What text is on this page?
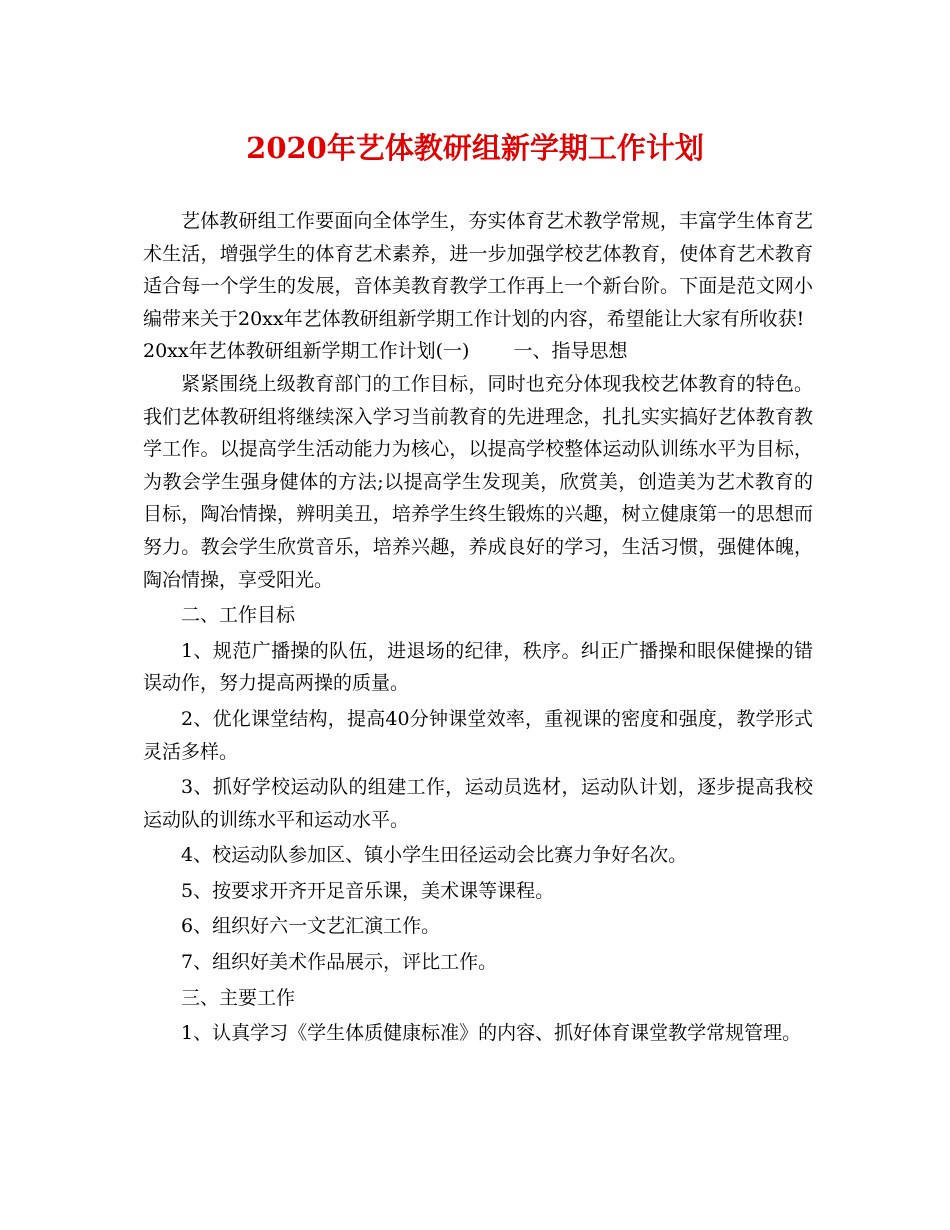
2020年艺体教研组新学期工作计划

艺体教研组工作要面向全体学生，夯实体育艺术教学常规，丰富学生体育艺术生活，增强学生的体育艺术素养，进一步加强学校艺体教育，使体育艺术教育适合每一个学生的发展，音体美教育教学工作再上一个新台阶。下面是范文网小编带来关于20xx年艺体教研组新学期工作计划的内容，希望能让大家有所收获!

20xx年艺体教研组新学期工作计划(一) 一、指导思想

紧紧围绕上级教育部门的工作目标，同时也充分体现我校艺体教育的特色。我们艺体教研组将继续深入学习当前教育的先进理念，扎扎实实搞好艺体教育教学工作。以提高学生活动能力为核心，以提高学校整体运动队训练水平为目标，为教会学生强身健体的方法;以提高学生发现美，欣赏美，创造美为艺术教育的目标，陶冶情操，辨明美丑，培养学生终生锻炼的兴趣，树立健康第一的思想而努力。教会学生欣赏音乐，培养兴趣，养成良好的学习，生活习惯，强健体魄，陶冶情操，享受阳光。

二、工作目标

1、规范广播操的队伍，进退场的纪律，秩序。纠正广播操和眼保健操的错误动作，努力提高两操的质量。

2、优化课堂结构，提高40分钟课堂效率，重视课的密度和强度，教学形式灵活多样。

3、抓好学校运动队的组建工作，运动员选材，运动队计划，逐步提高我校运动队的训练水平和运动水平。

4、校运动队参加区、镇小学生田径运动会比赛力争好名次。

5、按要求开齐开足音乐课，美术课等课程。

6、组织好六一文艺汇演工作。

7、组织好美术作品展示，评比工作。

三、主要工作

1、认真学习《学生体质健康标准》的内容、抓好体育课堂教学常规管理。
